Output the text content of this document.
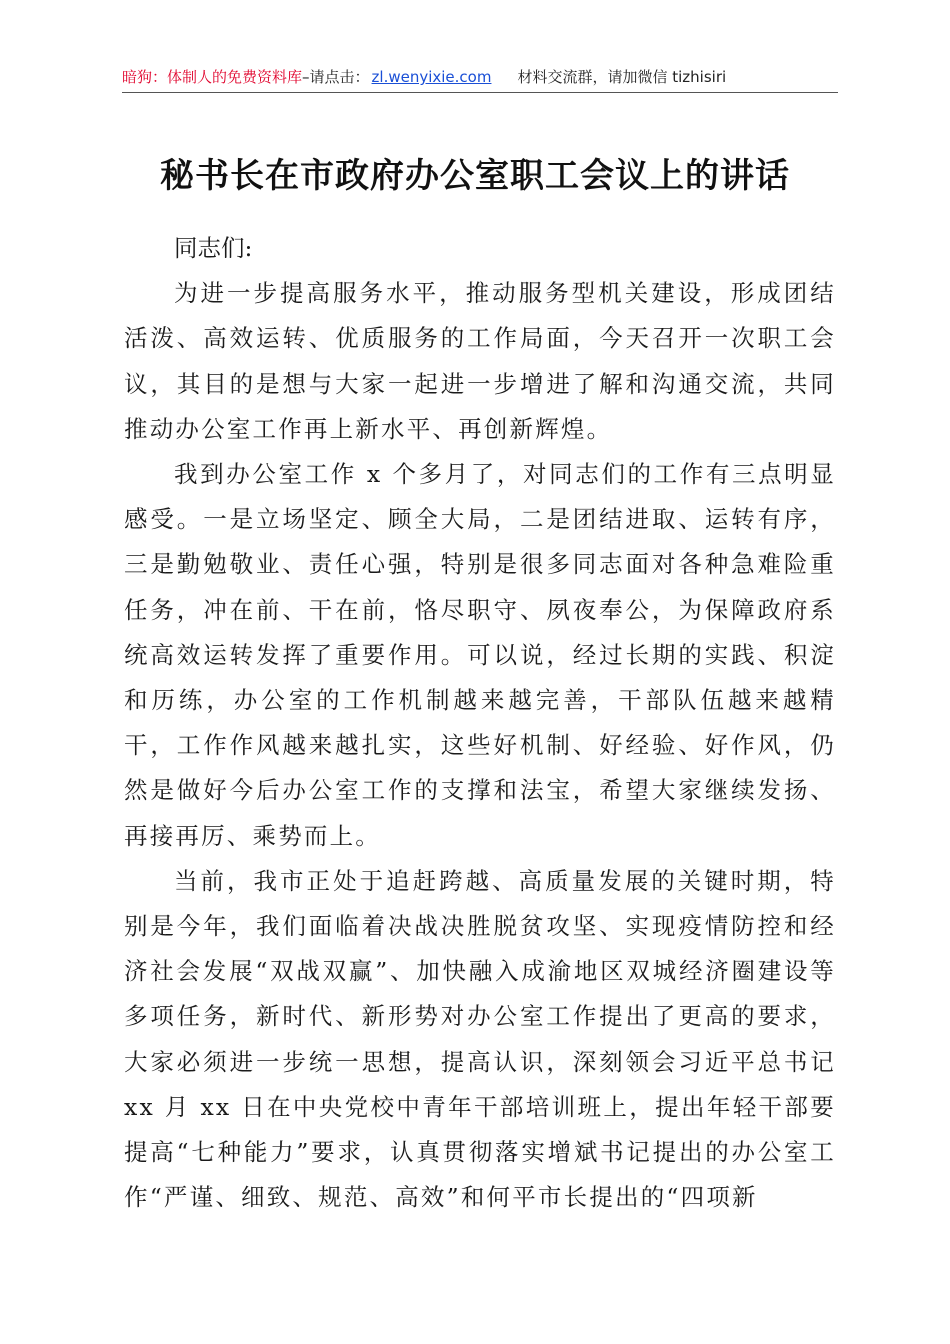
暗狗：体制人的免费资料库–请点击： zl.wenyixie.com 材料交流群，请加微信 tizhisiri
秘书长在市政府办公室职工会议上的讲话

同志们:

为进一步提高服务水平，推动服务型机关建设，形成团结活泼、高效运转、优质服务的工作局面，今天召开一次职工会议，其目的是想与大家一起进一步增进了解和沟通交流，共同推动办公室工作再上新水平、再创新辉煌。

我到办公室工作 x 个多月了，对同志们的工作有三点明显感受。一是立场坚定、顾全大局，二是团结进取、运转有序，三是勤勉敬业、责任心强，特别是很多同志面对各种急难险重任务，冲在前、干在前，恪尽职守、夙夜奉公，为保障政府系统高效运转发挥了重要作用。可以说，经过长期的实践、积淀和历练，办公室的工作机制越来越完善，干部队伍越来越精干，工作作风越来越扎实，这些好机制、好经验、好作风，仍然是做好今后办公室工作的支撑和法宝，希望大家继续发扬、再接再厉、乘势而上。

当前，我市正处于追赶跨越、高质量发展的关键时期，特别是今年，我们面临着决战决胜脱贫攻坚、实现疫情防控和经济社会发展“双战双赢”、加快融入成渝地区双城经济圈建设等多项任务，新时代、新形势对办公室工作提出了更高的要求，大家必须进一步统一思想，提高认识，深刻领会习近平总书记 xx 月 xx 日在中央党校中青年干部培训班上，提出年轻干部要提高“七种能力”要求，认真贯彻落实增斌书记提出的办公室工作“严谨、细致、规范、高效”和何平市长提出的“四项新
